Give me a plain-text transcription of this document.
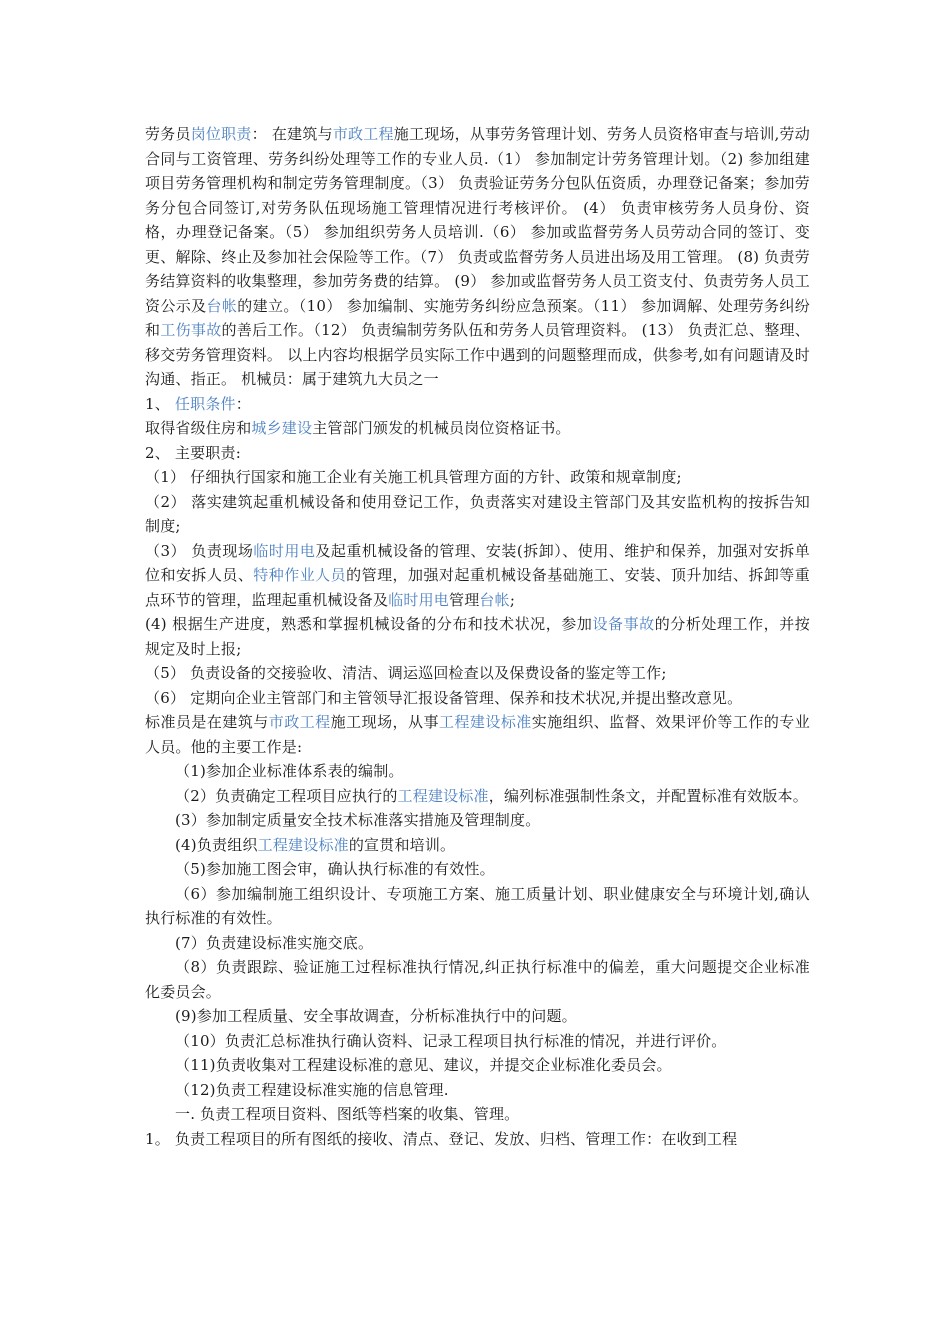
劳务员岗位职责： 在建筑与市政工程施工现场，从事劳务管理计划、劳务人员资格审查与培训,劳动合同与工资管理、劳务纠纷处理等工作的专业人员.（1） 参加制定计劳务管理计划。（2) 参加组建项目劳务管理机构和制定劳务管理制度。（3） 负责验证劳务分包队伍资质，办理登记备案；参加劳务分包合同签订,对劳务队伍现场施工管理情况进行考核评价。 (4） 负责审核劳务人员身份、资格，办理登记备案。（5） 参加组织劳务人员培训.（6） 参加或监督劳务人员劳动合同的签订、变更、解除、终止及参加社会保险等工作。（7） 负责或监督劳务人员进出场及用工管理。 (8) 负责劳务结算资料的收集整理，参加劳务费的结算。 (9） 参加或监督劳务人员工资支付、负责劳务人员工资公示及台帐的建立。（10） 参加编制、实施劳务纠纷应急预案。（11） 参加调解、处理劳务纠纷和工伤事故的善后工作。（12） 负责编制劳务队伍和劳务人员管理资料。 (13） 负责汇总、整理、移交劳务管理资料。 以上内容均根据学员实际工作中遇到的问题整理而成，供参考,如有问题请及时沟通、指正。 机械员：属于建筑九大员之一

1、 任职条件：

取得省级住房和城乡建设主管部门颁发的机械员岗位资格证书。

2、 主要职责:

（1） 仔细执行国家和施工企业有关施工机具管理方面的方针、政策和规章制度;

（2） 落实建筑起重机械设备和使用登记工作，负责落实对建设主管部门及其安监机构的按拆告知制度;

（3） 负责现场临时用电及起重机械设备的管理、安装(拆卸）、使用、维护和保养，加强对安拆单位和安拆人员、特种作业人员的管理，加强对起重机械设备基础施工、安装、顶升加结、拆卸等重点环节的管理，监理起重机械设备及临时用电管理台帐;

(4) 根据生产进度，熟悉和掌握机械设备的分布和技术状况，参加设备事故的分析处理工作，并按规定及时上报;

（5） 负责设备的交接验收、清洁、调运巡回检查以及保费设备的鉴定等工作;

（6） 定期向企业主管部门和主管领导汇报设备管理、保养和技术状况,并提出整改意见。

标准员是在建筑与市政工程施工现场，从事工程建设标准实施组织、监督、效果评价等工作的专业人员。他的主要工作是:

（1)参加企业标准体系表的编制。

（2）负责确定工程项目应执行的工程建设标准，编列标准强制性条文，并配置标准有效版本。

(3）参加制定质量安全技术标准落实措施及管理制度。

(4)负责组织工程建设标准的宣贯和培训。

（5)参加施工图会审，确认执行标准的有效性。

（6）参加编制施工组织设计、专项施工方案、施工质量计划、职业健康安全与环境计划,确认执行标准的有效性。

(7）负责建设标准实施交底。

（8）负责跟踪、验证施工过程标准执行情况,纠正执行标准中的偏差，重大问题提交企业标准化委员会。

(9)参加工程质量、安全事故调查，分析标准执行中的问题。

（10）负责汇总标准执行确认资料、记录工程项目执行标准的情况，并进行评价。

（11)负责收集对工程建设标准的意见、建议，并提交企业标准化委员会。

（12)负责工程建设标准实施的信息管理.

一. 负责工程项目资料、图纸等档案的收集、管理。

1。 负责工程项目的所有图纸的接收、清点、登记、发放、归档、管理工作：在收到工程
